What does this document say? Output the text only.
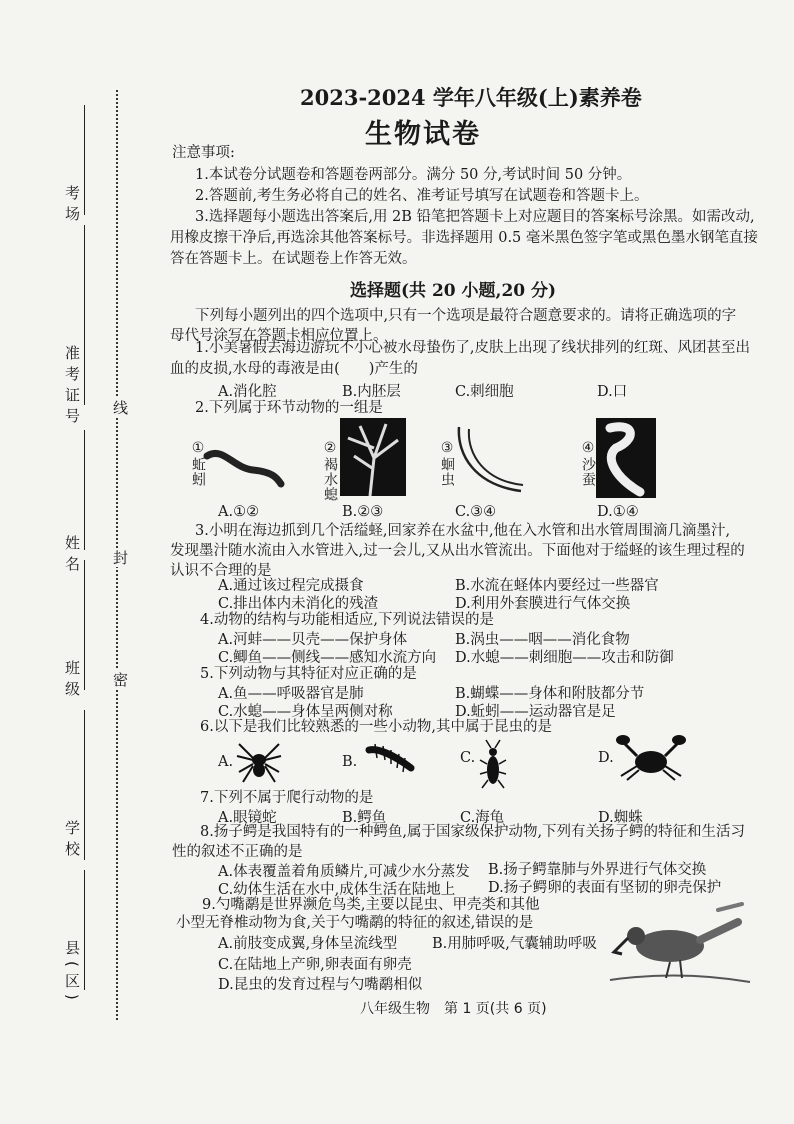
线
封
密
考场
准考证号
姓名
班级
学校
县(区)
2023-2024 学年八年级(上)素养卷
生物试卷
注意事项:
1.本试卷分试题卷和答题卷两部分。满分 50 分,考试时间 50 分钟。
2.答题前,考生务必将自己的姓名、准考证号填写在试题卷和答题卡上。
3.选择题每小题选出答案后,用 2B 铅笔把答题卡上对应题目的答案标号涂黑。如需改动,
用橡皮擦干净后,再选涂其他答案标号。非选择题用 0.5 毫米黑色签字笔或黑色墨水钢笔直接
答在答题卡上。在试题卷上作答无效。
选择题(共 20 小题,20 分)
下列每小题列出的四个选项中,只有一个选项是最符合题意要求的。请将正确选项的字
母代号涂写在答题卡相应位置上。
1.小美暑假去海边游玩不小心被水母蛰伤了,皮肤上出现了线状排列的红斑、风团甚至出
血的皮损,水母的毒液是由(　　)产生的
A.消化腔	B.内胚层	C.刺细胞	D.口
2.下列属于环节动物的一组是
①蚯蚓	②褐水螅	③蛔虫	④沙蚕
A.①②	B.②③	C.③④	D.①④
3.小明在海边抓到几个活缢蛏,回家养在水盆中,他在入水管和出水管周围滴几滴墨汁,
发现墨汁随水流由入水管进入,过一会儿,又从出水管流出。下面他对于缢蛏的该生理过程的
认识不合理的是
A.通过该过程完成摄食	B.水流在蛏体内要经过一些器官
C.排出体内未消化的残渣	D.利用外套膜进行气体交换
4.动物的结构与功能相适应,下列说法错误的是
A.河蚌——贝壳——保护身体	B.涡虫——咽——消化食物
C.鲫鱼——侧线——感知水流方向 D.水螅——刺细胞——攻击和防御
5.下列动物与其特征对应正确的是
A.鱼——呼吸器官是肺	B.蝴蝶——身体和附肢都分节
C.水螅——身体呈两侧对称	D.蚯蚓——运动器官是足
6.以下是我们比较熟悉的一些小动物,其中属于昆虫的是
A.	B.	C.	D.
7.下列不属于爬行动物的是
A.眼镜蛇	B.鳄鱼	C.海龟	D.蜘蛛
8.扬子鳄是我国特有的一种鳄鱼,属于国家级保护动物,下列有关扬子鳄的特征和生活习
性的叙述不正确的是
A.体表覆盖着角质鳞片,可减少水分蒸发 B.扬子鳄靠肺与外界进行气体交换
C.幼体生活在水中,成体生活在陆地上 D.扬子鳄卵的表面有坚韧的卵壳保护
9.勺嘴鹬是世界濒危鸟类,主要以昆虫、甲壳类和其他
小型无脊椎动物为食,关于勺嘴鹬的特征的叙述,错误的是
A.前肢变成翼,身体呈流线型 B.用肺呼吸,气囊辅助呼吸
C.在陆地上产卵,卵表面有卵壳
D.昆虫的发育过程与勺嘴鹬相似
八年级生物　第 1 页(共 6 页)
